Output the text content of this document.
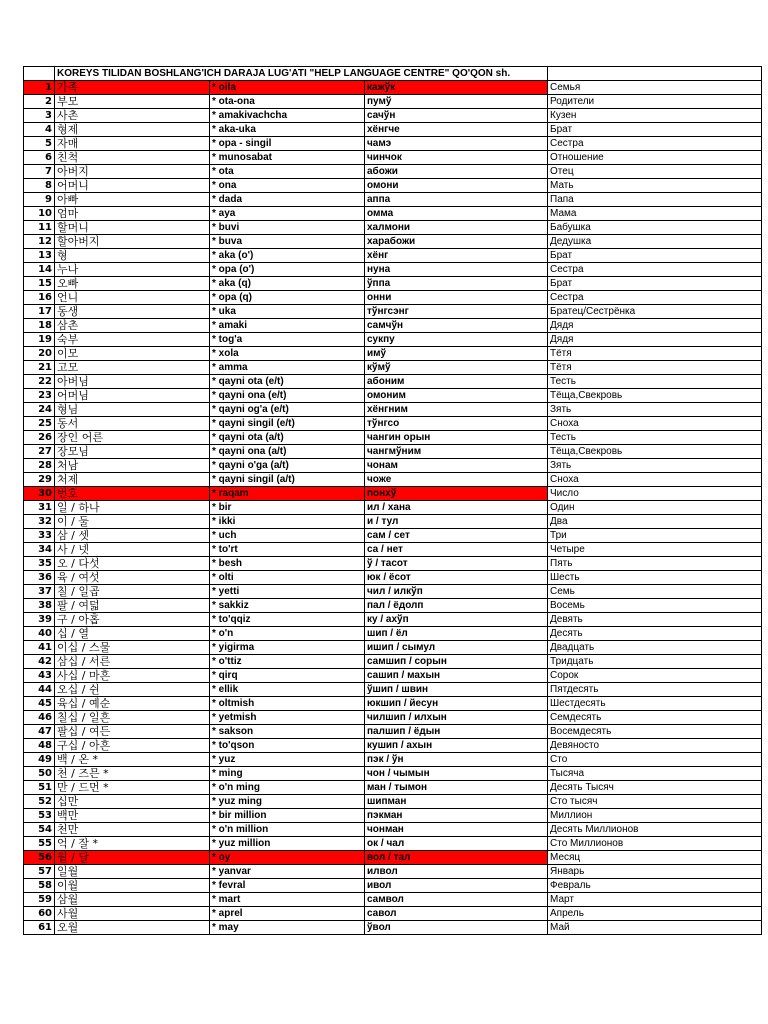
	KOREYS TILIDAN BOSHLANG'ICH DARAJA LUG'ATI "HELP LANGUAGE CENTRE" QO'QON sh.			
1	가족	* oila	кажўк	Семья
2	부모	* ota-ona	пумў	Родители
3	사촌	* amakivachcha	сачўн	Кузен
4	형제	* aka-uka	хёнгче	Брат
5	자매	* opa - singil	чамэ	Сестра
6	친척	* munosabat	чинчок	Отношение
7	아버지	* ota	абожи	Отец
8	어머니	* ona	омони	Мать
9	아빠	* dada	аппа	Папа
10	엄마	* aya	омма	Мама
11	할머니	* buvi	халмони	Бабушка
12	할아버지	* buva	харабожи	Дедушка
13	형	* aka (o')	хёнг	Брат
14	누나	* opa (o')	нуна	Сестра
15	오빠	* aka (q)	ўппа	Брат
16	언니	* opa (q)	онни	Сестра
17	동생	* uka	тўнгсэнг	Братец/Сестрёнка
18	삼촌	* amaki	самчўн	Дядя
19	숙부	* tog'a	сукпу	Дядя
20	이모	* xola	имў	Тётя
21	고모	* amma	кўмў	Тётя
22	아버님	* qayni ota (e/t)	абоним	Тесть
23	어머님	* qayni ona (e/t)	омоним	Тёща,Свекровь
24	형님	* qayni og'a (e/t)	хёнгним	Зять
25	동서	* qayni singil (e/t)	тўнгсо	Сноха
26	장인 어른	* qayni ota (a/t)	чангин орын	Тесть
27	장모님	* qayni ona (a/t)	чангмўним	Тёща,Свекровь
28	처남	* qayni o'ga (a/t)	чонам	Зять
29	처제	* qayni singil (a/t)	чоже	Сноха
30	번호	* raqam	понхў	Число
31	일 / 하나	* bir	ил / хана	Один
32	이 / 둘	* ikki	и / тул	Два
33	삼 / 셋	* uch	сам / сет	Три
34	사 / 넷	* to'rt	са / нет	Четыре
35	오 / 다섯	* besh	ў / тасот	Пять
36	육 / 여섯	* olti	юк / ёсот	Шесть
37	칠 / 일곱	* yetti	чил / илкўп	Семь
38	팔 / 여덟	* sakkiz	пал / ёдолп	Восемь
39	구 / 아홉	* to'qqiz	ку / ахўп	Девять
40	십 / 열	* o'n	шип / ёл	Десять
41	이십 / 스물	* yigirma	ишип / сымул	Двадцать
42	삼십 / 서른	* o'ttiz	самшип / сорын	Тридцать
43	사십 / 마흔	* qirq	сашип / махын	Сорок
44	오십 / 쉰	* ellik	ўшип / швин	Пятдесять
45	육십 / 예순	* oltmish	юкшип / йесун	Шестдесять
46	칠십 / 일흔	* yetmish	чилшип / илхын	Семдесять
47	팔십 / 여든	* sakson	палшип / ёдын	Восемдесять
48	구십 / 아흔	* to'qson	кушип / ахын	Девяносто
49	백 / 온 *	* yuz	пэк / ўн	Сто
50	천 / 즈믄 *	* ming	чон / чымын	Тысяча
51	만 / 드먼 *	* o'n ming	ман / тымон	Десять Тысяч
52	십만	* yuz ming	шипман	Сто тысяч
53	백만	* bir million	пэкман	Миллион
54	천만	* o'n million	чонман	Десять Миллионов
55	억 / 잘 *	* yuz million	ок / чал	Сто Миллионов
56	월 / 달	* oy	вол / тал	Месяц
57	일월	* yanvar	илвол	Январь
58	이월	* fevral	ивол	Февраль
59	삼월	* mart	самвол	Март
60	사월	* aprel	савол	Апрель
61	오월	* may	ўвол	Май
